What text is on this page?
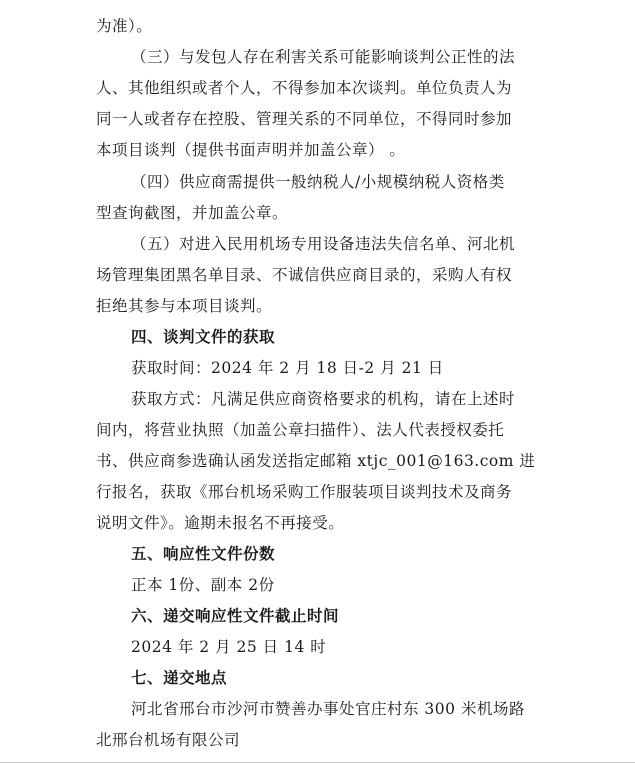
为准）。
（三）与发包人存在利害关系可能影响谈判公正性的法
人、其他组织或者个人，不得参加本次谈判。单位负责人为
同一人或者存在控股、管理关系的不同单位，不得同时参加
本项目谈判（提供书面声明并加盖公章） 。
（四）供应商需提供一般纳税人/小规模纳税人资格类
型查询截图，并加盖公章。
（五）对进入民用机场专用设备违法失信名单、河北机
场管理集团黑名单目录、不诚信供应商目录的，采购人有权
拒绝其参与本项目谈判。
四、谈判文件的获取
获取时间：2024 年 2 月 18 日-2 月 21 日
获取方式：凡满足供应商资格要求的机构，请在上述时
间内，将营业执照（加盖公章扫描件）、法人代表授权委托
书、供应商参选确认函发送指定邮箱 xtjc_001@163.com 进
行报名，获取《邢台机场采购工作服装项目谈判技术及商务
说明文件》。逾期未报名不再接受。
五、响应性文件份数
正本 1份、副本 2份
六、递交响应性文件截止时间
2024 年 2 月 25 日 14 时
七、递交地点
河北省邢台市沙河市赞善办事处官庄村东 300 米机场路
北邢台机场有限公司
